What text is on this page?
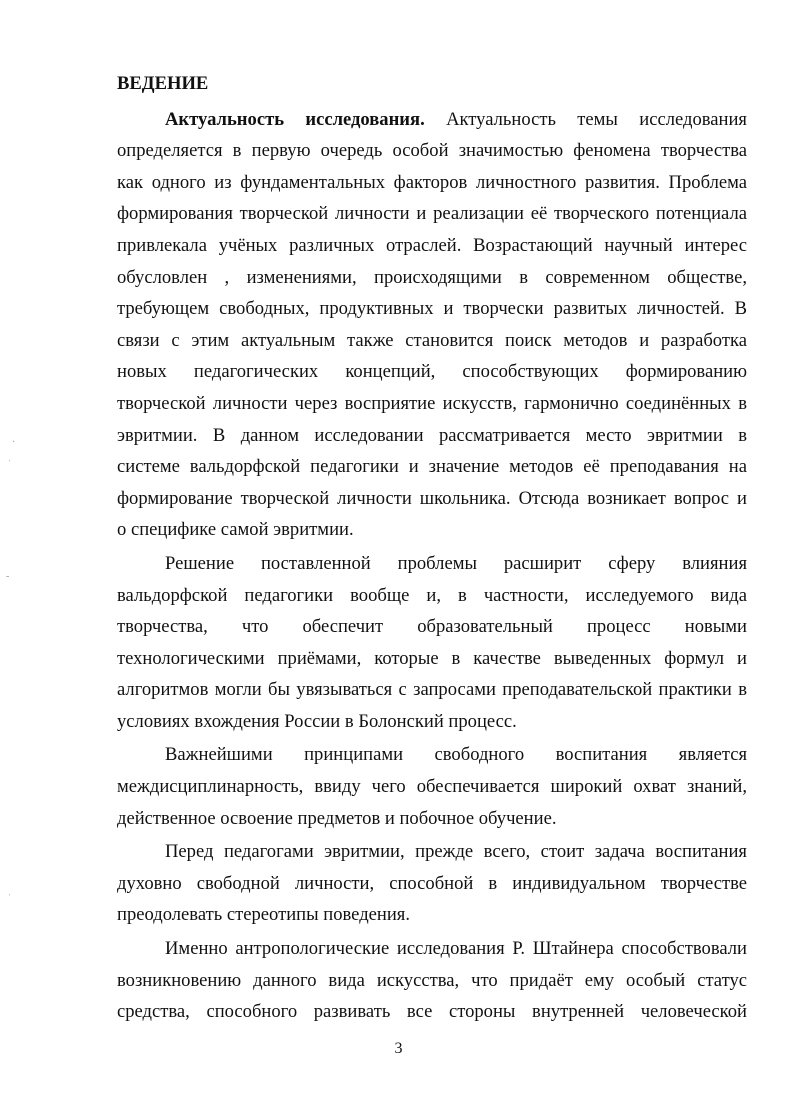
·
ˌ
-
ˌ
ВЕДЕНИЕ
Актуальность исследования. Актуальность темы исследования
определяется в первую очередь особой значимостью феномена творчества
как одного из фундаментальных факторов личностного развития. Проблема
формирования творческой личности и реализации её творческого потенциала
привлекала учёных различных отраслей. Возрастающий научный интерес
обусловлен , изменениями, происходящими в современном обществе,
требующем свободных, продуктивных и творчески развитых личностей. В
связи с этим актуальным также становится поиск методов и разработка
новых педагогических концепций, способствующих формированию
творческой личности через восприятие искусств, гармонично соединённых в
эвритмии. В данном исследовании рассматривается место эвритмии в
системе вальдорфской педагогики и значение методов её преподавания на
формирование творческой личности школьника. Отсюда возникает вопрос и
о специфике самой эвритмии.
Решение поставленной проблемы расширит сферу влияния
вальдорфской педагогики вообще и, в частности, исследуемого вида
творчества, что обеспечит образовательный процесс новыми
технологическими приёмами, которые в качестве выведенных формул и
алгоритмов могли бы увязываться с запросами преподавательской практики в
условиях вхождения России в Болонский процесс.
Важнейшими принципами свободного воспитания является
междисциплинарность, ввиду чего обеспечивается широкий охват знаний,
действенное освоение предметов и побочное обучение.
Перед педагогами эвритмии, прежде всего, стоит задача воспитания
духовно свободной личности, способной в индивидуальном творчестве
преодолевать стереотипы поведения.
Именно антропологические исследования Р. Штайнера способствовали
возникновению данного вида искусства, что придаёт ему особый статус
средства, способного развивать все стороны внутренней человеческой
3
